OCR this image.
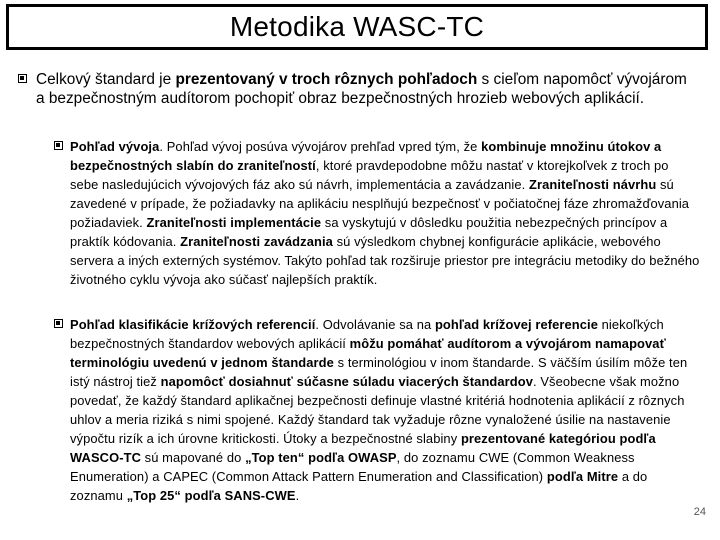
Metodika WASC-TC

Celkový štandard je prezentovaný v troch rôznych pohľadoch s cieľom napomôcť vývojárom a bezpečnostným audítorom pochopiť obraz bezpečnostných hrozieb webových aplikácií.

Pohľad vývoja. Pohľad vývoj posúva vývojárov prehľad vpred tým, že kombinuje množinu útokov a bezpečnostných slabín do zraniteľností, ktoré pravdepodobne môžu nastať v ktorejkoľvek z troch po sebe nasledujúcich vývojových fáz ako sú návrh, implementácia a zavádzanie. Zraniteľnosti návrhu sú zavedené v prípade, že požiadavky na aplikáciu nesplňujú bezpečnosť v počiatočnej fáze zhromažďovania požiadaviek. Zraniteľnosti implementácie sa vyskytujú v dôsledku použitia nebezpečných princípov a praktík kódovania. Zraniteľnosti zavádzania sú výsledkom chybnej konfigurácie aplikácie, webového servera a iných externých systémov. Takýto pohľad tak rozširuje priestor pre integráciu metodiky do bežného životného cyklu vývoja ako súčasť najlepších praktík.

Pohľad klasifikácie krížových referencií. Odvolávanie sa na pohľad krížovej referencie niekoľkých bezpečnostných štandardov webových aplikácií môžu pomáhať audítorom a vývojárom namapovať terminológiu uvedenú v jednom štandarde s terminológiou v inom štandarde. S väčším úsilím môže ten istý nástroj tiež napomôcť dosiahnuť súčasne súladu viacerých štandardov. Všeobecne však možno povedať, že každý štandard aplikačnej bezpečnosti definuje vlastné kritériá hodnotenia aplikácií z rôznych uhlov a meria riziká s nimi spojené. Každý štandard tak vyžaduje rôzne vynaložené úsilie na nastavenie výpočtu rizík a ich úrovne kritickosti. Útoky a bezpečnostné slabiny prezentované kategóriou podľa WASCO-TC sú mapované do „Top ten“ podľa OWASP, do zoznamu CWE (Common Weakness Enumeration) a CAPEC (Common Attack Pattern Enumeration and Classification) podľa Mitre a do zoznamu „Top 25“ podľa SANS-CWE.

24
